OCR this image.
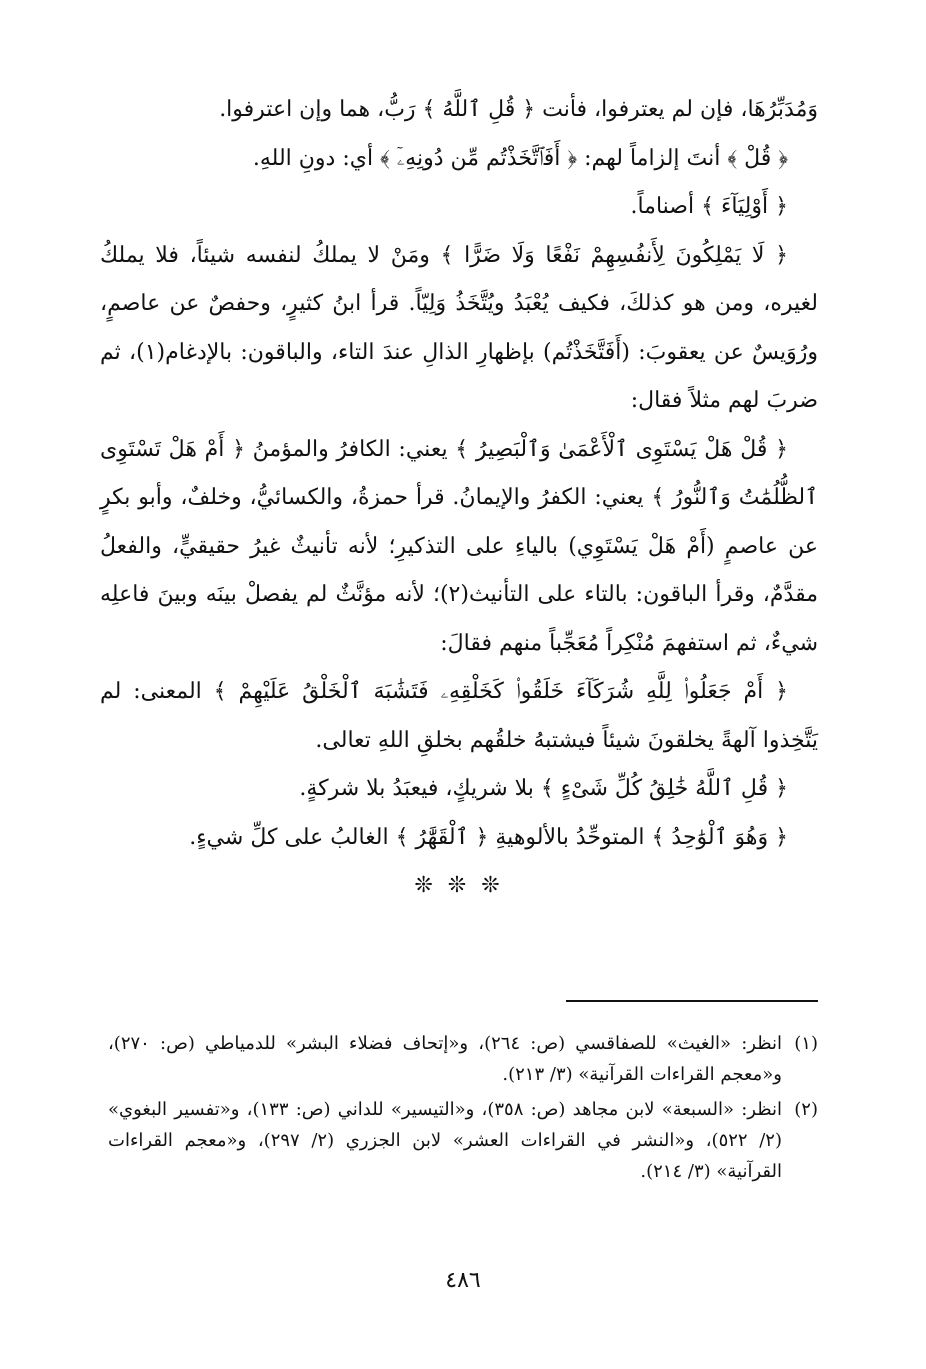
وَمُدَبِّرُهَا، فإن لم يعترفوا، فأنت ﴿ قُلِ ٱللَّهُ ﴾ رَبُّ، هما وإن اعترفوا.

﴿ قُلْ ﴾ أنتَ إلزاماً لهم: ﴿ أَفَٱتَّخَذْتُم مِّن دُونِهِۦٓ ﴾ أي: دونِ اللهِ.

﴿ أَوْلِيَآءَ ﴾ أصناماً.

﴿ لَا يَمْلِكُونَ لِأَنفُسِهِمْ نَفْعًا وَلَا ضَرًّا ﴾ ومَنْ لا يملكُ لنفسه شيئاً، فلا يملكُ لغيره، ومن هو كذلكَ، فكيف يُعْبَدُ ويُتَّخَذُ وَلِيّاً. قرأ ابنُ كثيرٍ، وحفصٌ عن عاصمٍ، ورُوَيسٌ عن يعقوبَ: (أَفَتَّخَذْتُم) بإظهارِ الذالِ عندَ التاء، والباقون: بالإدغام(١)، ثم ضربَ لهم مثلاً فقال:

﴿ قُلْ هَلْ يَسْتَوِى ٱلْأَعْمَىٰ وَٱلْبَصِيرُ ﴾ يعني: الكافرُ والمؤمنُ ﴿ أَمْ هَلْ تَسْتَوِى ٱلظُّلُمَٰتُ وَٱلنُّورُ ﴾ يعني: الكفرُ والإيمانُ. قرأ حمزةُ، والكسائيُّ، وخلفٌ، وأبو بكرٍ عن عاصمٍ (أَمْ هَلْ يَسْتَوِي) بالياءِ على التذكيرِ؛ لأنه تأنيثٌ غيرُ حقيقيٍّ، والفعلُ مقدَّمٌ، وقرأ الباقون: بالتاء على التأنيث(٢)؛ لأنه مؤنَّثٌ لم يفصلْ بينَه وبينَ فاعلِه شيءٌ، ثم استفهمَ مُنْكِراً مُعَجِّباً منهم فقالَ:

﴿ أَمْ جَعَلُوا۟ لِلَّهِ شُرَكَآءَ خَلَقُوا۟ كَخَلْقِهِۦ فَتَشَٰبَهَ ٱلْخَلْقُ عَلَيْهِمْ ﴾ المعنى: لم يَتَّخِذوا آلهةً يخلقونَ شيئاً فيشتبهُ خلقُهم بخلقِ اللهِ تعالى.

﴿ قُلِ ٱللَّهُ خَٰلِقُ كُلِّ شَىْءٍ ﴾ بلا شريكٍ، فيعبَدُ بلا شركةٍ.

﴿ وَهُوَ ٱلْوَٰحِدُ ﴾ المتوحِّدُ بالألوهيةِ ﴿ ٱلْقَهَّٰرُ ﴾ الغالبُ على كلِّ شيءٍ.

❊ ❊ ❊

(١)
انظر: «الغيث» للصفاقسي (ص: ٢٦٤)، و«إتحاف فضلاء البشر» للدمياطي (ص: ٢٧٠)، و«معجم القراءات القرآنية» (٣/ ٢١٣).
(٢)
انظر: «السبعة» لابن مجاهد (ص: ٣٥٨)، و«التيسير» للداني (ص: ١٣٣)، و«تفسير البغوي» (٢/ ٥٢٢)، و«النشر في القراءات العشر» لابن الجزري (٢/ ٢٩٧)، و«معجم القراءات القرآنية» (٣/ ٢١٤).
٤٨٦
